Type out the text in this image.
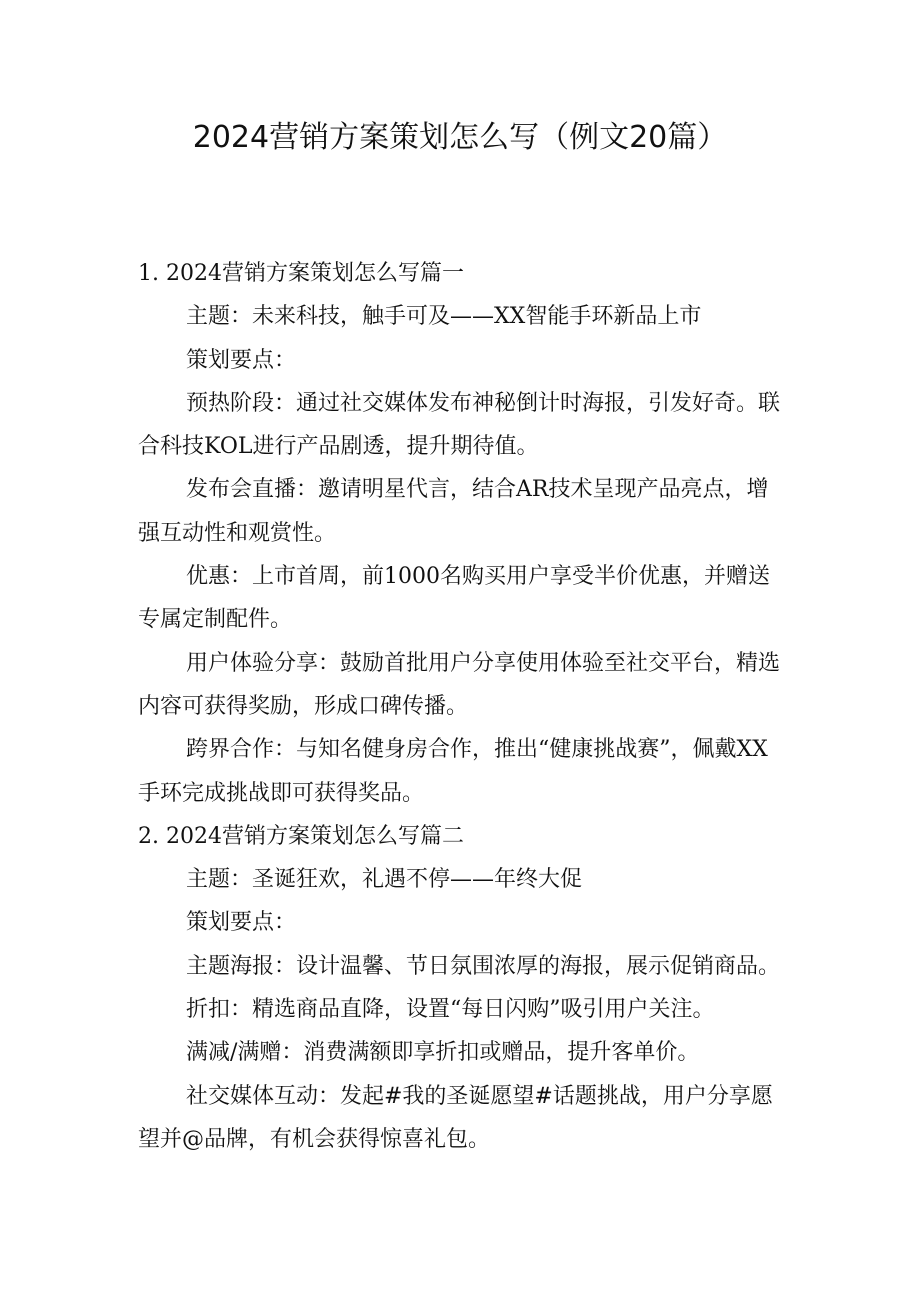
2024营销方案策划怎么写（例文20篇）

1. 2024营销方案策划怎么写篇一

主题：未来科技，触手可及——XX智能手环新品上市

策划要点：

预热阶段：通过社交媒体发布神秘倒计时海报，引发好奇。联合科技KOL进行产品剧透，提升期待值。

发布会直播：邀请明星代言，结合AR技术呈现产品亮点，增强互动性和观赏性。

优惠：上市首周，前1000名购买用户享受半价优惠，并赠送专属定制配件。

用户体验分享：鼓励首批用户分享使用体验至社交平台，精选内容可获得奖励，形成口碑传播。

跨界合作：与知名健身房合作，推出“健康挑战赛”，佩戴XX手环完成挑战即可获得奖品。

2. 2024营销方案策划怎么写篇二

主题：圣诞狂欢，礼遇不停——年终大促

策划要点：

主题海报：设计温馨、节日氛围浓厚的海报，展示促销商品。

折扣：精选商品直降，设置“每日闪购”吸引用户关注。

满减/满赠：消费满额即享折扣或赠品，提升客单价。

社交媒体互动：发起#我的圣诞愿望#话题挑战，用户分享愿望并@品牌，有机会获得惊喜礼包。
